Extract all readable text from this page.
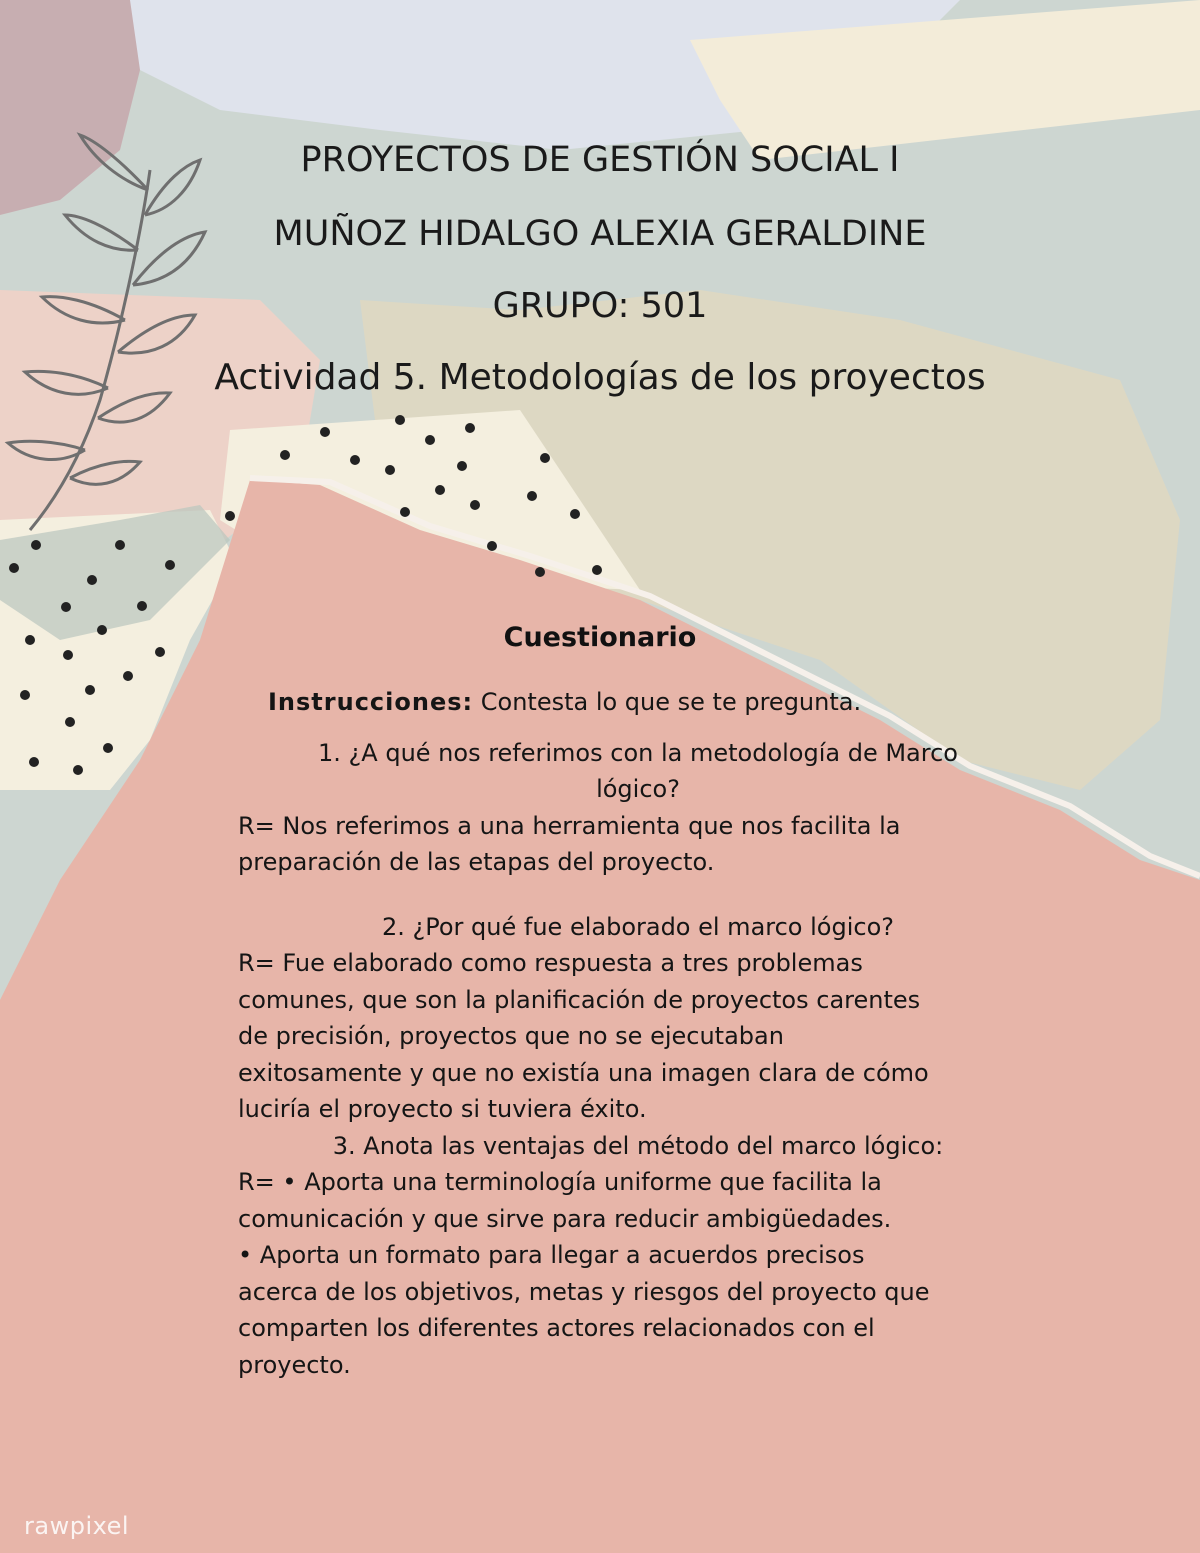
PROYECTOS DE GESTIÓN SOCIAL I
MUÑOZ HIDALGO ALEXIA GERALDINE
GRUPO: 501
Actividad 5. Metodologías de los proyectos
Cuestionario
Instrucciones: Contesta lo que se te pregunta.
1. ¿A qué nos referimos con la metodología de Marco
lógico?
R= Nos referimos a una herramienta que nos facilita la
preparación de las etapas del proyecto.
2. ¿Por qué fue elaborado el marco lógico?
R= Fue elaborado como respuesta a tres problemas
comunes, que son la planificación de proyectos carentes
de precisión, proyectos que no se ejecutaban
exitosamente y que no existía una imagen clara de cómo
luciría el proyecto si tuviera éxito.
3. Anota las ventajas del método del marco lógico:
R= • Aporta una terminología uniforme que facilita la
comunicación y que sirve para reducir ambigüedades.
• Aporta un formato para llegar a acuerdos precisos
acerca de los objetivos, metas y riesgos del proyecto que
comparten los diferentes actores relacionados con el
proyecto.
rawpixel
